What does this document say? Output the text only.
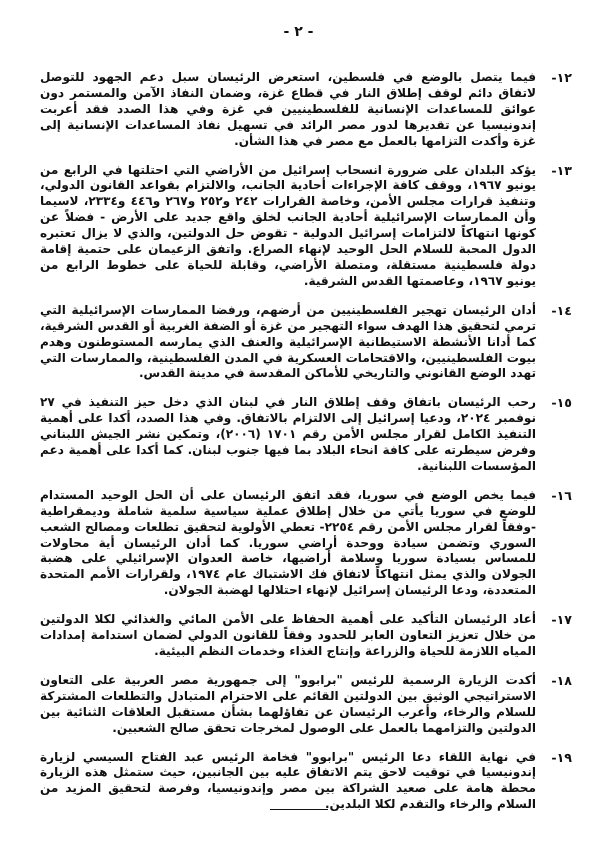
- ٢ -
١٢-
فيما يتصل بالوضع في فلسطين، استعرض الرئيسان سبل دعم الجهود للتوصل لاتفاق دائم لوقف إطلاق النار في قطاع غزة، وضمان النفاذ الآمن والمستمر دون عوائق للمساعدات الإنسانية للفلسطينيين في غزة وفي هذا الصدد فقد أعربت إندونيسيا عن تقديرها لدور مصر الرائد في تسهيل نفاذ المساعدات الإنسانية إلى غزة وأكدت التزامها بالعمل مع مصر في هذا الشأن.
١٣-
يؤكد البلدان على ضرورة انسحاب إسرائيل من الأراضي التي احتلتها في الرابع من يونيو ١٩٦٧، ووقف كافة الإجراءات أحادية الجانب، والالتزام بقواعد القانون الدولي، وتنفيذ قرارات مجلس الأمن، وخاصة القرارات ٢٤٢ و٢٥٢ و٢٦٧ و٤٤٦ و٢٣٣٤، لاسيما وأن الممارسات الإسرائيلية أحادية الجانب لخلق واقع جديد على الأرض - فضلاً عن كونها انتهاكاً لالتزامات إسرائيل الدولية - تقوض حل الدولتين، والذي لا يزال تعتبره الدول المحبة للسلام الحل الوحيد لإنهاء الصراع. واتفق الزعيمان على حتمية إقامة دولة فلسطينية مستقلة، ومتصلة الأراضي، وقابلة للحياة على خطوط الرابع من يونيو ١٩٦٧، وعاصمتها القدس الشرقية.
١٤-
أدان الرئيسان تهجير الفلسطينيين من أرضهم، ورفضا الممارسات الإسرائيلية التي ترمي لتحقيق هذا الهدف سواء التهجير من غزة أو الضفة الغربية أو القدس الشرقية، كما أدانا الأنشطة الاستيطانية الإسرائيلية والعنف الذي يمارسه المستوطنون وهدم بيوت الفلسطينيين، والاقتحامات العسكرية في المدن الفلسطينية، والممارسات التي تهدد الوضع القانوني والتاريخي للأماكن المقدسة في مدينة القدس.
١٥-
رحب الرئيسان باتفاق وقف إطلاق النار في لبنان الذي دخل حيز التنفيذ في ٢٧ نوفمبر ٢٠٢٤، ودعيا إسرائيل إلى الالتزام بالاتفاق. وفي هذا الصدد، أكدا على أهمية التنفيذ الكامل لقرار مجلس الأمن رقم ١٧٠١ (٢٠٠٦)، وتمكين نشر الجيش اللبناني وفرض سيطرته على كافة انحاء البلاد بما فيها جنوب لبنان. كما أكدا على أهمية دعم المؤسسات اللبنانية.
١٦-
فيما يخص الوضع في سوريا، فقد اتفق الرئيسان على أن الحل الوحيد المستدام للوضع في سوريا يأتي من خلال إطلاق عملية سياسية سلمية شاملة وديمقراطية -وفقاً لقرار مجلس الأمن رقم ٢٢٥٤- تعطي الأولوية لتحقيق تطلعات ومصالح الشعب السوري وتضمن سيادة ووحدة أراضي سوريا. كما أدان الرئيسان أية محاولات للمساس بسيادة سوريا وسلامة أراضيها، خاصة العدوان الإسرائيلي على هضبة الجولان والذي يمثل انتهاكاً لاتفاق فك الاشتباك عام ١٩٧٤، ولقرارات الأمم المتحدة المتعددة، ودعا الرئيسان إسرائيل لإنهاء احتلالها لهضبة الجولان.
١٧-
أعاد الرئيسان التأكيد على أهمية الحفاظ على الأمن المائي والغذائي لكلا الدولتين من خلال تعزيز التعاون العابر للحدود وفقاً للقانون الدولي لضمان استدامة إمدادات المياه اللازمة للحياة والزراعة وإنتاج الغذاء وخدمات النظم البيئية.
١٨-
أكدت الزيارة الرسمية للرئيس "برابوو" إلى جمهورية مصر العربية على التعاون الاستراتيجي الوثيق بين الدولتين القائم على الاحترام المتبادل والتطلعات المشتركة للسلام والرخاء، وأعرب الرئيسان عن تفاؤلهما بشأن مستقبل العلاقات الثنائية بين الدولتين والتزامهما بالعمل على الوصول لمخرجات تحقق صالح الشعبين.
١٩-
في نهاية اللقاء دعا الرئيس "برابوو" فخامة الرئيس عبد الفتاح السيسي لزيارة إندونيسيا في توقيت لاحق يتم الاتفاق عليه بين الجانبين، حيث ستمثل هذه الزيارة محطة هامة على صعيد الشراكة بين مصر وإندونيسيا، وفرصة لتحقيق المزيد من السلام والرخاء والتقدم لكلا البلدين.
